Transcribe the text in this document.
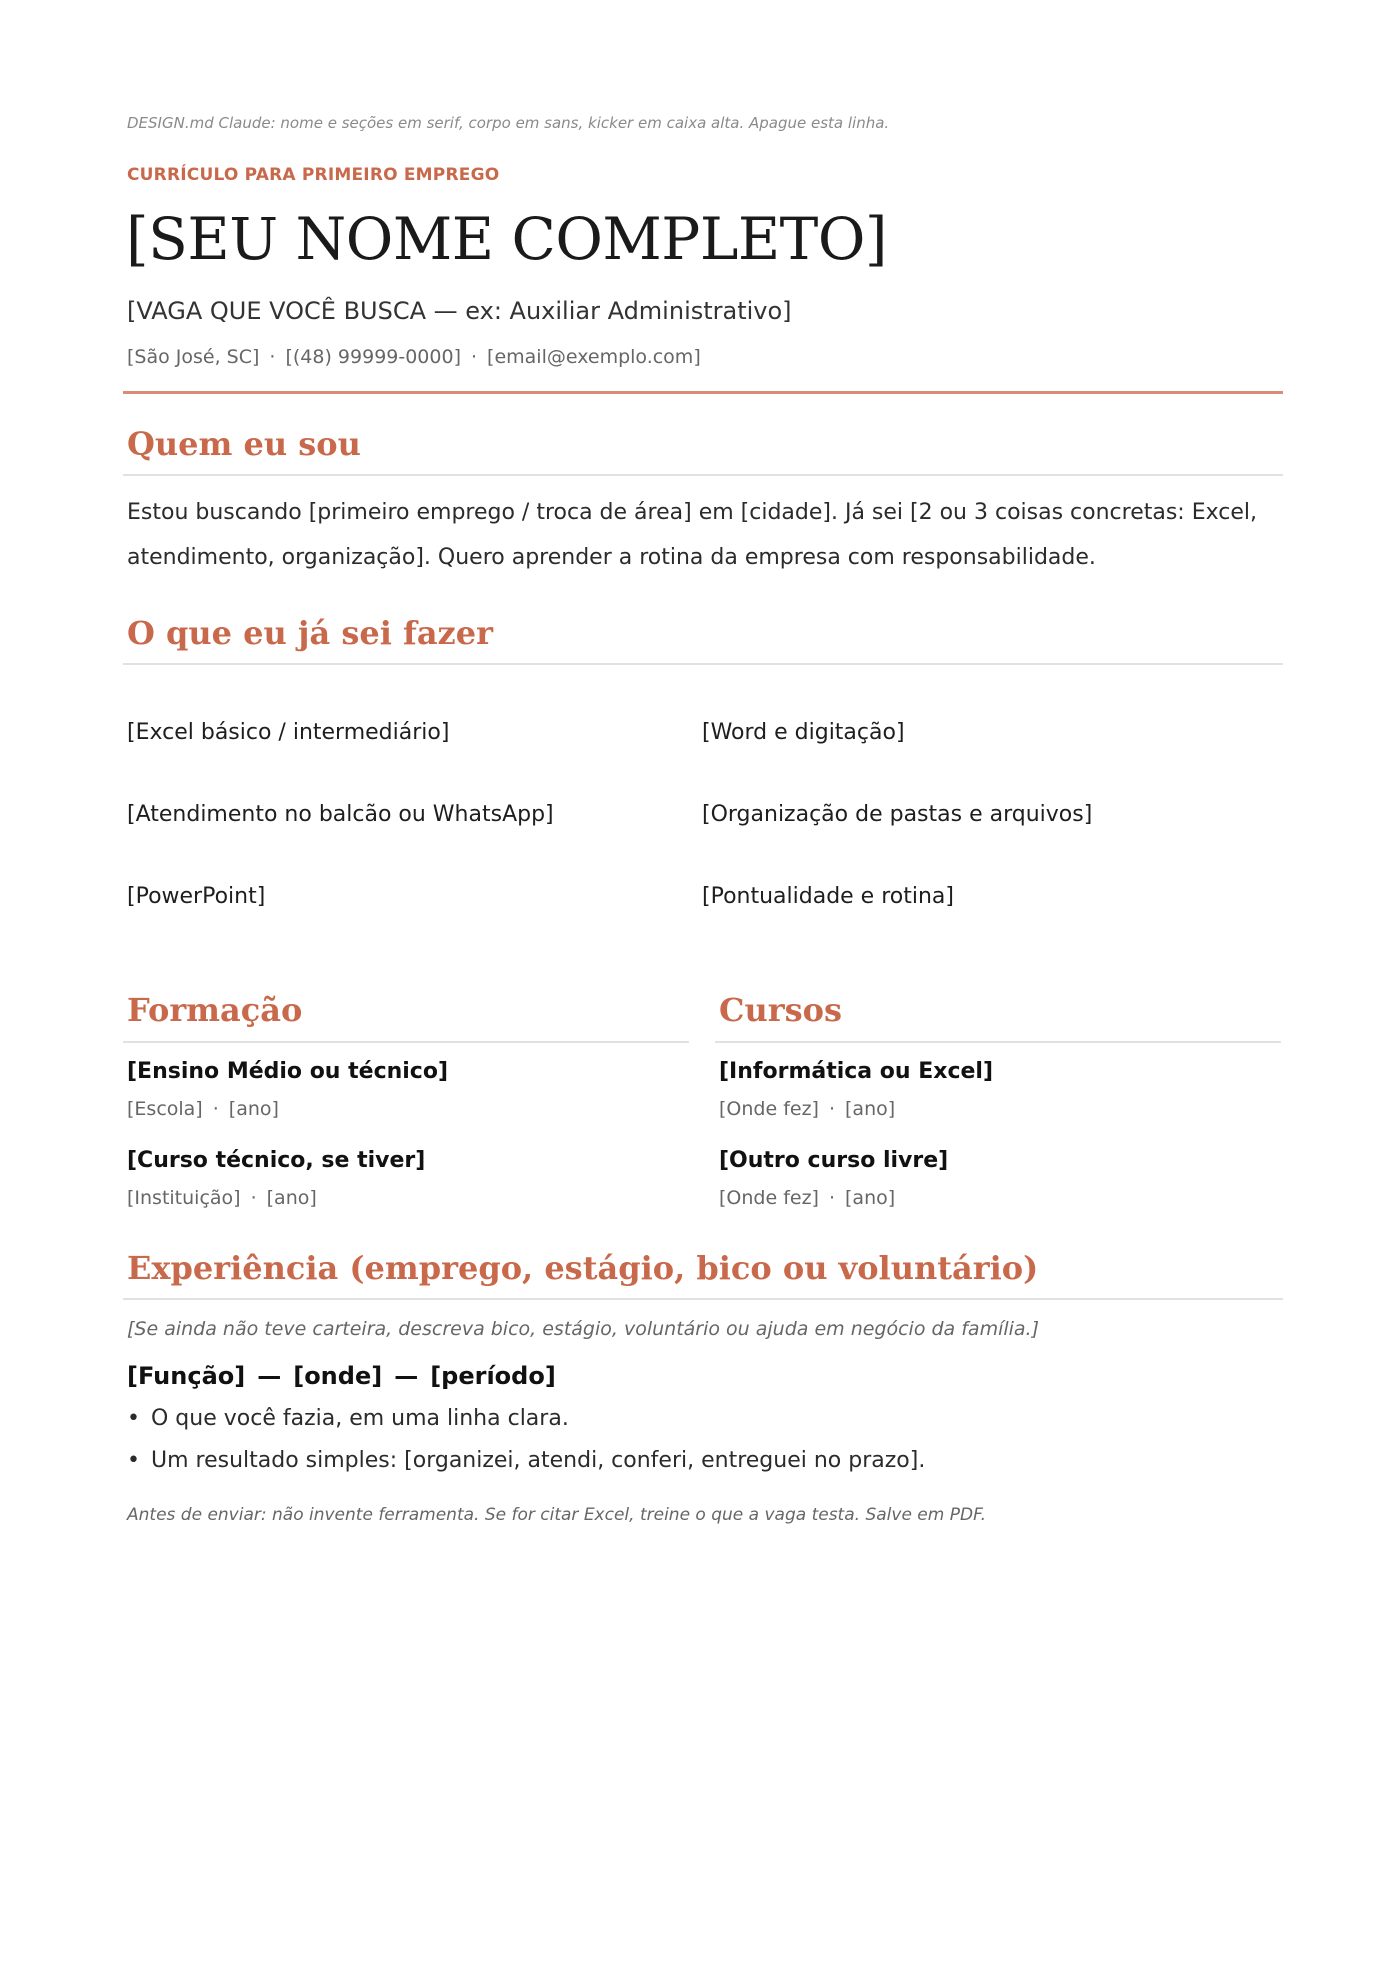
DESIGN.md Claude: nome e seções em serif, corpo em sans, kicker em caixa alta. Apague esta linha.
CURRÍCULO PARA PRIMEIRO EMPREGO
[SEU NOME COMPLETO]
[VAGA QUE VOCÊ BUSCA — ex: Auxiliar Administrativo]
[São José, SC] · [(48) 99999-0000] · [email@exemplo.com]
Quem eu sou
Estou buscando [primeiro emprego / troca de área] em [cidade]. Já sei [2 ou 3 coisas concretas: Excel, atendimento, organização]. Quero aprender a rotina da empresa com responsabilidade.
O que eu já sei fazer
[Excel básico / intermediário]	[Word e digitação]
[Atendimento no balcão ou WhatsApp]	[Organização de pastas e arquivos]
[PowerPoint]	[Pontualidade e rotina]
Formação
[Ensino Médio ou técnico]
[Escola] · [ano]
[Curso técnico, se tiver]
[Instituição] · [ano]
Cursos
[Informática ou Excel]
[Onde fez] · [ano]
[Outro curso livre]
[Onde fez] · [ano]
Experiência (emprego, estágio, bico ou voluntário)
[Se ainda não teve carteira, descreva bico, estágio, voluntário ou ajuda em negócio da família.]
[Função] — [onde] — [período]
• O que você fazia, em uma linha clara.
• Um resultado simples: [organizei, atendi, conferi, entreguei no prazo].
Antes de enviar: não invente ferramenta. Se for citar Excel, treine o que a vaga testa. Salve em PDF.
